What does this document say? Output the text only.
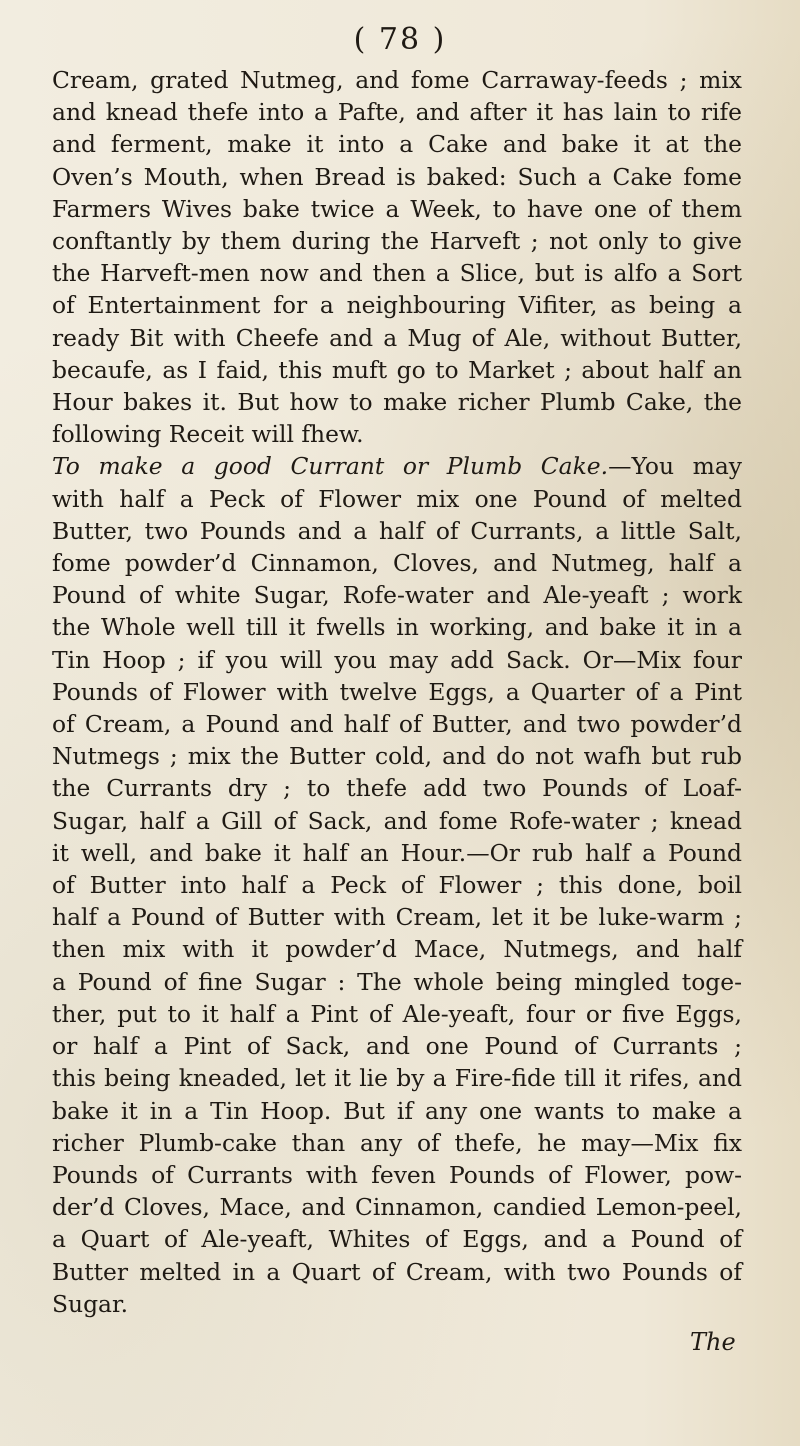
( 78 )
Cream, grated Nutmeg, and fome Carraway-feeds ; mix
and knead thefe into a Pafte, and after it has lain to rife
and ferment, make it into a Cake and bake it at the
Oven’s Mouth, when Bread is baked: Such a Cake fome
Farmers Wives bake twice a Week, to have one of them
conftantly by them during the Harveft ; not only to give
the Harveft-men now and then a Slice, but is alfo a Sort
of Entertainment for a neighbouring Vifiter, as being a
ready Bit with Cheefe and a Mug of Ale, without Butter,
becaufe, as I faid, this muft go to Market ; about half an
Hour bakes it. But how to make richer Plumb Cake, the
following Receit will fhew.
To make a good Currant or Plumb Cake.—You may
with half a Peck of Flower mix one Pound of melted
Butter, two Pounds and a half of Currants, a little Salt,
fome powder’d Cinnamon, Cloves, and Nutmeg, half a
Pound of white Sugar, Rofe-water and Ale-yeaft ; work
the Whole well till it fwells in working, and bake it in a
Tin Hoop ; if you will you may add Sack. Or—Mix four
Pounds of Flower with twelve Eggs, a Quarter of a Pint
of Cream, a Pound and half of Butter, and two powder’d
Nutmegs ; mix the Butter cold, and do not wafh but rub
the Currants dry ; to thefe add two Pounds of Loaf-
Sugar, half a Gill of Sack, and fome Rofe-water ; knead
it well, and bake it half an Hour.—Or rub half a Pound
of Butter into half a Peck of Flower ; this done, boil
half a Pound of Butter with Cream, let it be luke-warm ;
then mix with it powder’d Mace, Nutmegs, and half
a Pound of fine Sugar : The whole being mingled toge-
ther, put to it half a Pint of Ale-yeaft, four or five Eggs,
or half a Pint of Sack, and one Pound of Currants ;
this being kneaded, let it lie by a Fire-fide till it rifes, and
bake it in a Tin Hoop. But if any one wants to make a
richer Plumb-cake than any of thefe, he may—Mix fix
Pounds of Currants with feven Pounds of Flower, pow-
der’d Cloves, Mace, and Cinnamon, candied Lemon-peel,
a Quart of Ale-yeaft, Whites of Eggs, and a Pound of
Butter melted in a Quart of Cream, with two Pounds of
Sugar.
The
